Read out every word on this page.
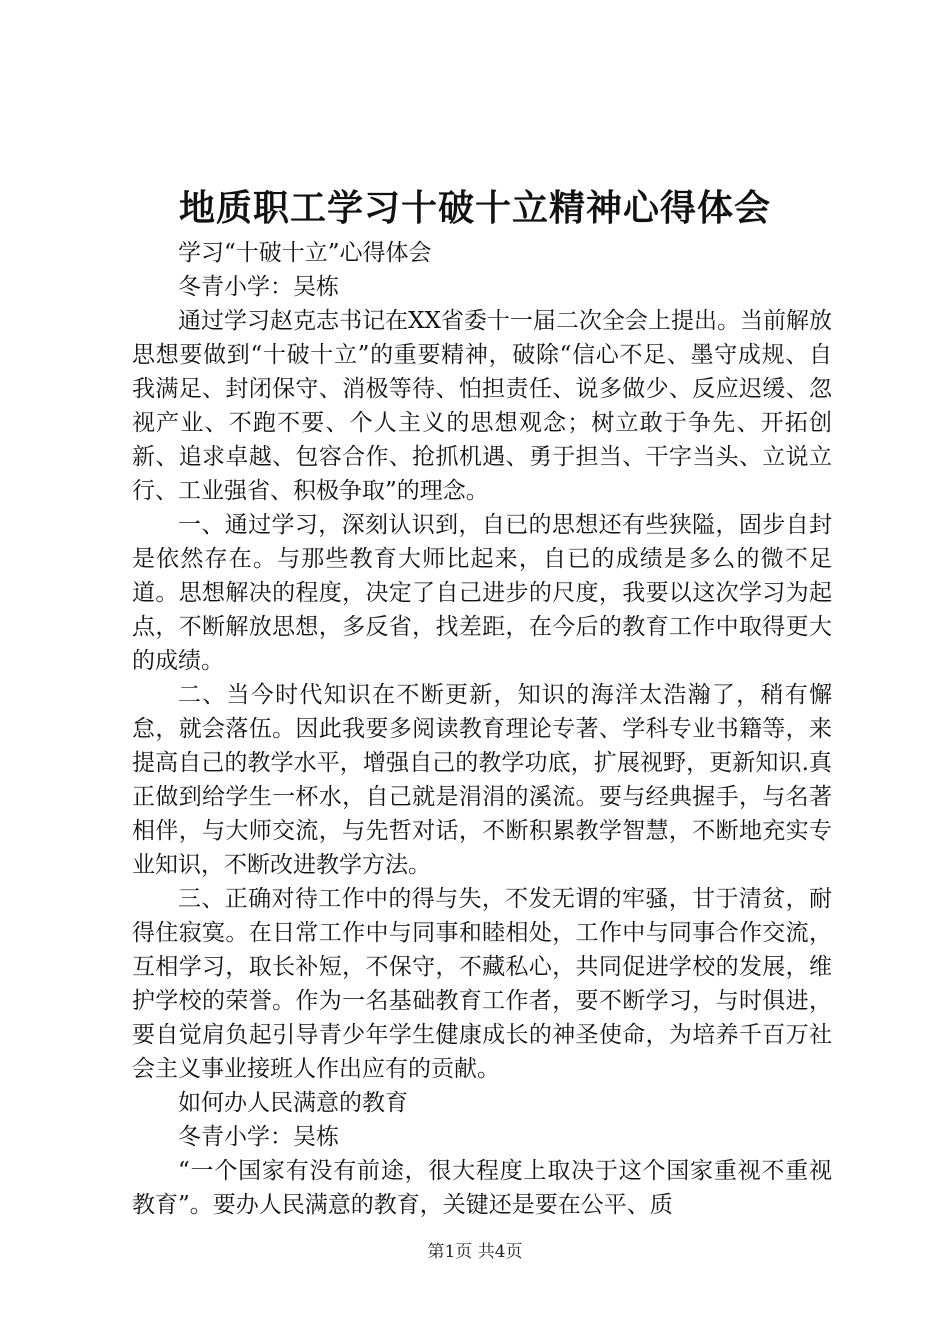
地质职工学习十破十立精神心得体会

学习“十破十立”心得体会

冬青小学：吴栋

通过学习赵克志书记在XX省委十一届二次全会上提出。当前解放思想要做到“十破十立”的重要精神，破除“信心不足、墨守成规、自我满足、封闭保守、消极等待、怕担责任、说多做少、反应迟缓、忽视产业、不跑不要、个人主义的思想观念；树立敢于争先、开拓创新、追求卓越、包容合作、抢抓机遇、勇于担当、干字当头、立说立行、工业强省、积极争取”的理念。

一、通过学习，深刻认识到，自已的思想还有些狭隘，固步自封是依然存在。与那些教育大师比起来，自已的成绩是多么的微不足道。思想解决的程度，决定了自己进步的尺度，我要以这次学习为起点，不断解放思想，多反省，找差距，在今后的教育工作中取得更大的成绩。

二、当今时代知识在不断更新，知识的海洋太浩瀚了，稍有懈怠，就会落伍。因此我要多阅读教育理论专著、学科专业书籍等，来提高自己的教学水平，增强自己的教学功底，扩展视野，更新知识.真正做到给学生一杯水，自己就是涓涓的溪流。要与经典握手，与名著相伴，与大师交流，与先哲对话，不断积累教学智慧，不断地充实专业知识，不断改进教学方法。

三、正确对待工作中的得与失，不发无谓的牢骚，甘于清贫，耐得住寂寞。在日常工作中与同事和睦相处，工作中与同事合作交流，互相学习，取长补短，不保守，不藏私心，共同促进学校的发展，维护学校的荣誉。作为一名基础教育工作者，要不断学习，与时俱进，要自觉肩负起引导青少年学生健康成长的神圣使命，为培养千百万社会主义事业接班人作出应有的贡献。

如何办人民满意的教育

冬青小学：吴栋

“一个国家有没有前途，很大程度上取决于这个国家重视不重视教育”。要办人民满意的教育，关键还是要在公平、质

第1页 共4页
